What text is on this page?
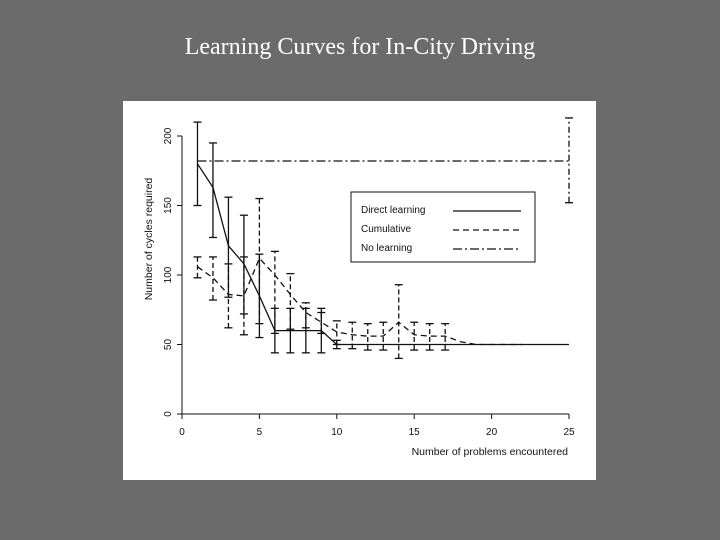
Learning Curves for In-City Driving
0	5	10	15	20	25
0
50
100
150
200
Number of problems encountered
Number of cycles required	Direct learning
Cumulative
No learning
